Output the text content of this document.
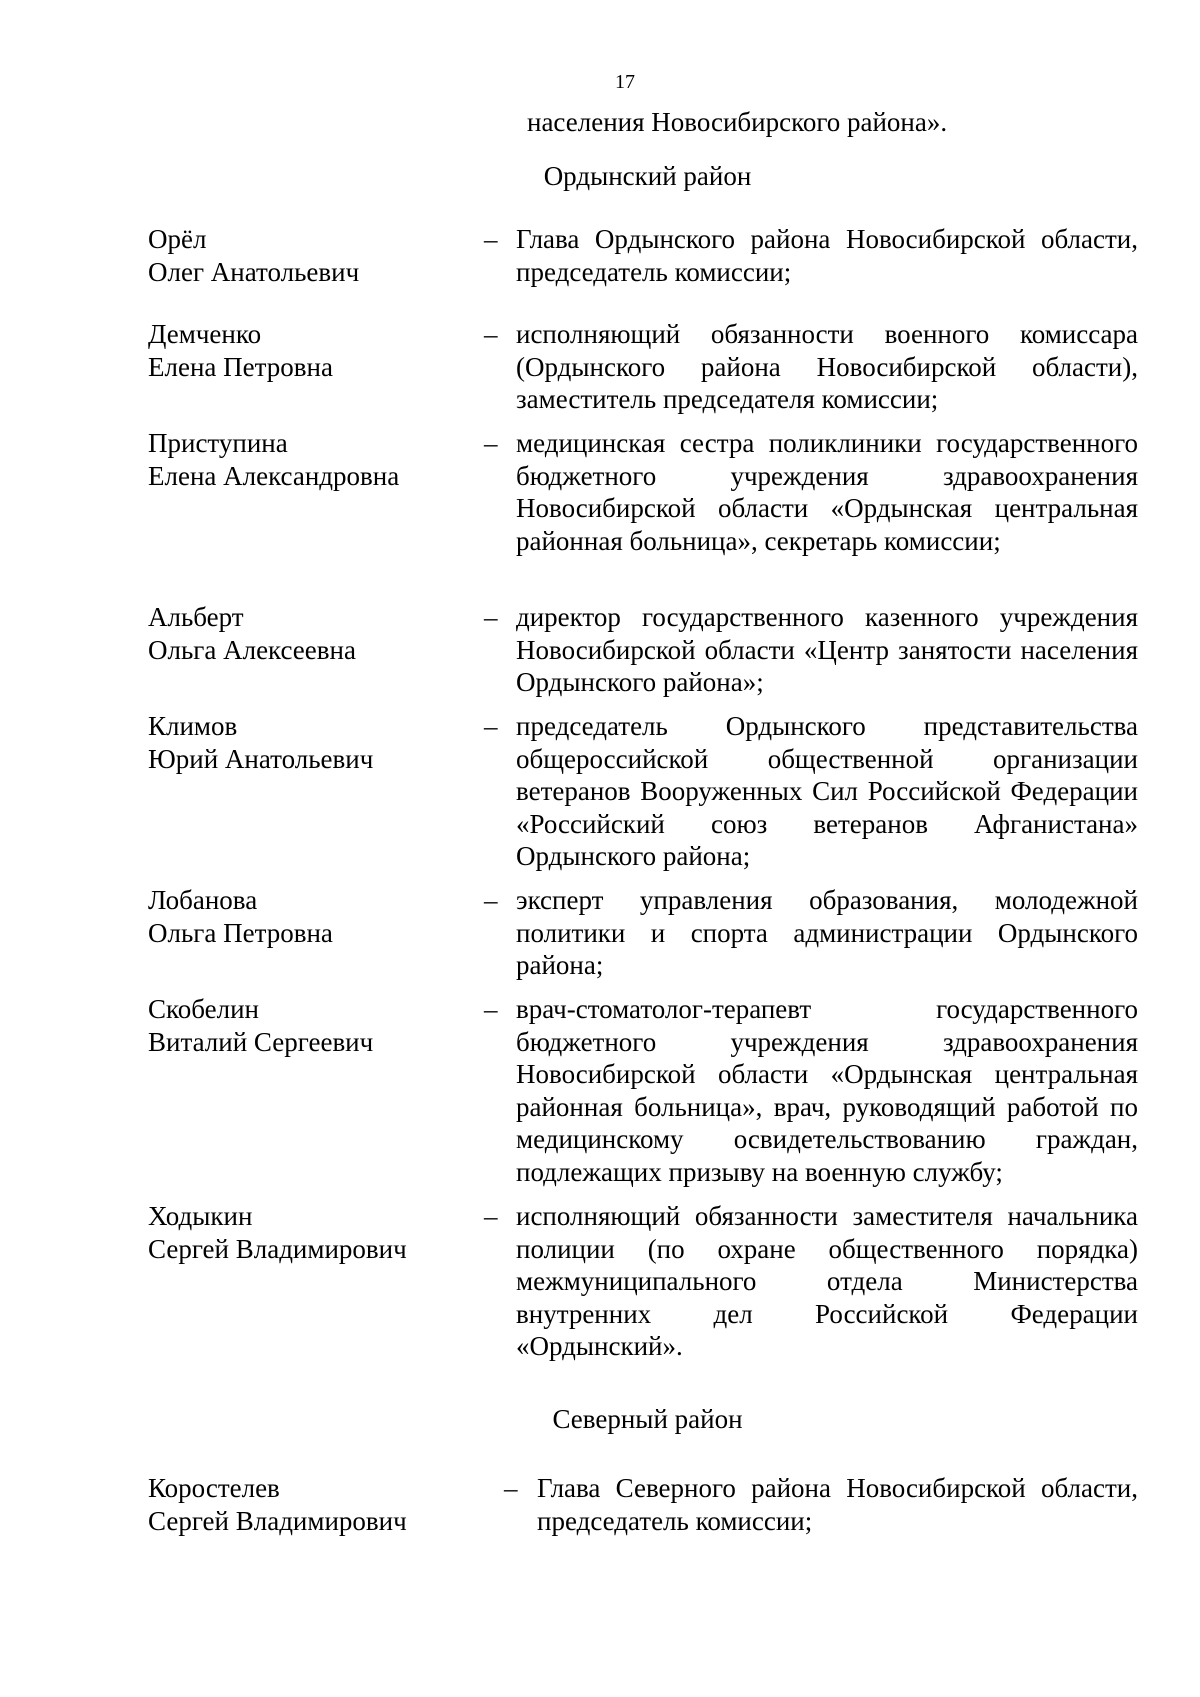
17
населения Новосибирского района».
Ордынский район
Орёл
Олег Анатольевич
– Глава Ордынского района Новосибирской области, председатель комиссии;
Демченко
Елена Петровна
– исполняющий обязанности военного комиссара (Ордынского района Новосибирской области), заместитель председателя комиссии;
Приступина
Елена Александровна
– медицинская сестра поликлиники государственного бюджетного учреждения здравоохранения Новосибирской области «Ордынская центральная районная больница», секретарь комиссии;
Альберт
Ольга Алексеевна
– директор государственного казенного учреждения Новосибирской области «Центр занятости населения Ордынского района»;
Климов
Юрий Анатольевич
– председатель Ордынского представительства общероссийской общественной организации ветеранов Вооруженных Сил Российской Федерации «Российский союз ветеранов Афганистана» Ордынского района;
Лобанова
Ольга Петровна
– эксперт управления образования, молодежной политики и спорта администрации Ордынского района;
Скобелин
Виталий Сергеевич
– врач-стоматолог-терапевт государственного бюджетного учреждения здравоохранения Новосибирской области «Ордынская центральная районная больница», врач, руководящий работой по медицинскому освидетельствованию граждан, подлежащих призыву на военную службу;
Ходыкин
Сергей Владимирович
– исполняющий обязанности заместителя начальника полиции (по охране общественного порядка) межмуниципального отдела Министерства внутренних дел Российской Федерации «Ордынский».
Северный район
Коростелев
Сергей Владимирович
– Глава Северного района Новосибирской области, председатель комиссии;
